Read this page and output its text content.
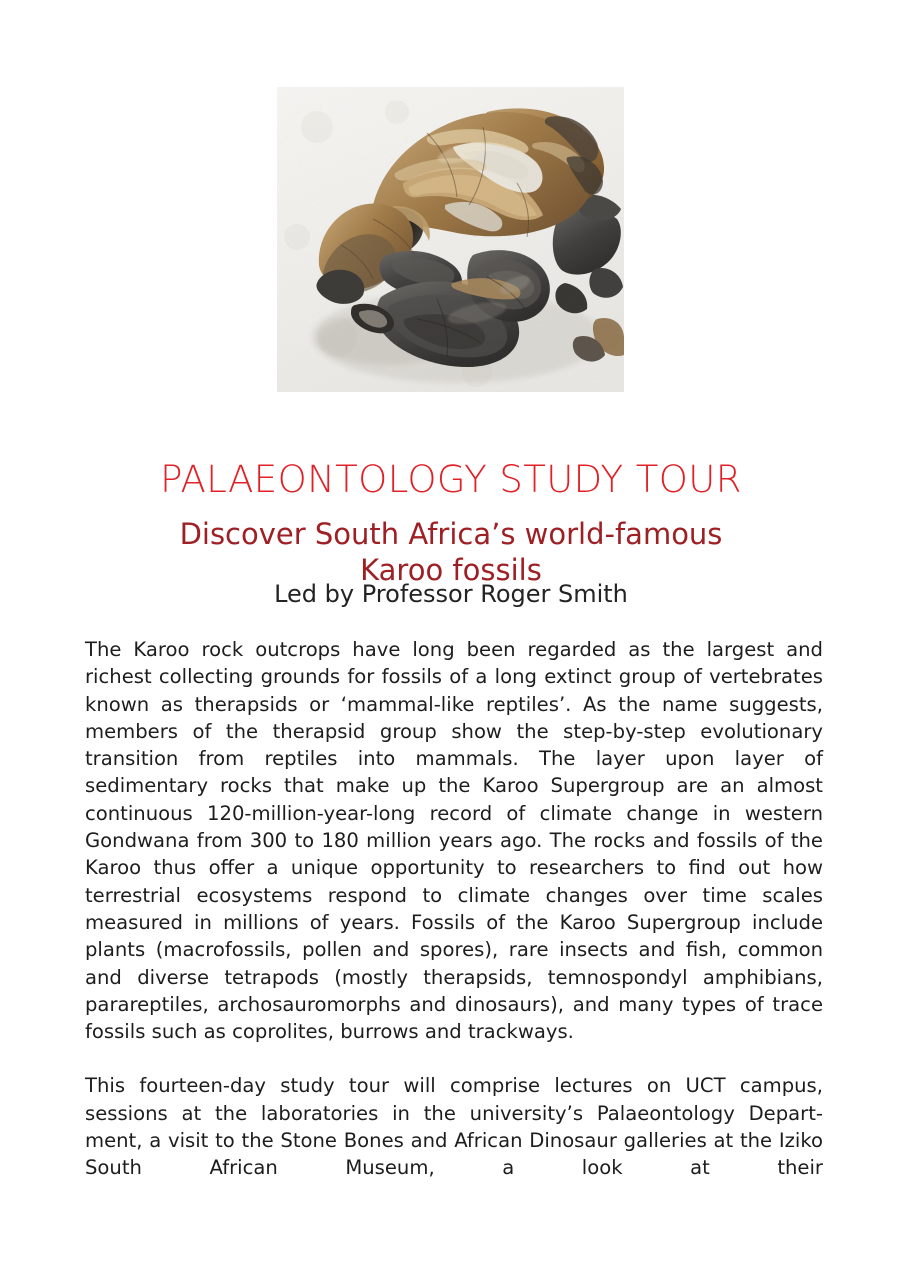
PALAEONTOLOGY STUDY TOUR
Discover South Africa’s world-famous
Karoo fossils
Led by Professor Roger Smith

The Karoo rock outcrops have long been regarded as the largest and richest collecting grounds for fossils of a long extinct group of vertebrates known as therapsids or ‘mammal-like reptiles’. As the name suggests, members of the therapsid group show the step-by-step evolutionary transition from reptiles into mammals. The layer upon layer of sedimentary rocks that make up the Karoo Supergroup are an almost continuous 120-million-year-long record of climate change in western Gondwana from 300 to 180 million years ago. The rocks and fossils of the Karoo thus offer a unique opportunity to researchers to find out how terrestrial ecosystems respond to climate changes over time scales measured in millions of years. Fossils of the Karoo Supergroup include plants (macrofossils, pollen and spores), rare insects and fish, common and diverse tetrapods (mostly therapsids, temnospondyl amphibians, parareptiles, archosauromorphs and dinosaurs), and many types of trace fossils such as coprolites, burrows and trackways.

This fourteen-day study tour will comprise lectures on UCT campus, sessions at the laboratories in the university’s Palaeontology Depart- ment, a visit to the Stone Bones and African Dinosaur galleries at the Iziko South African Museum, a look at their
